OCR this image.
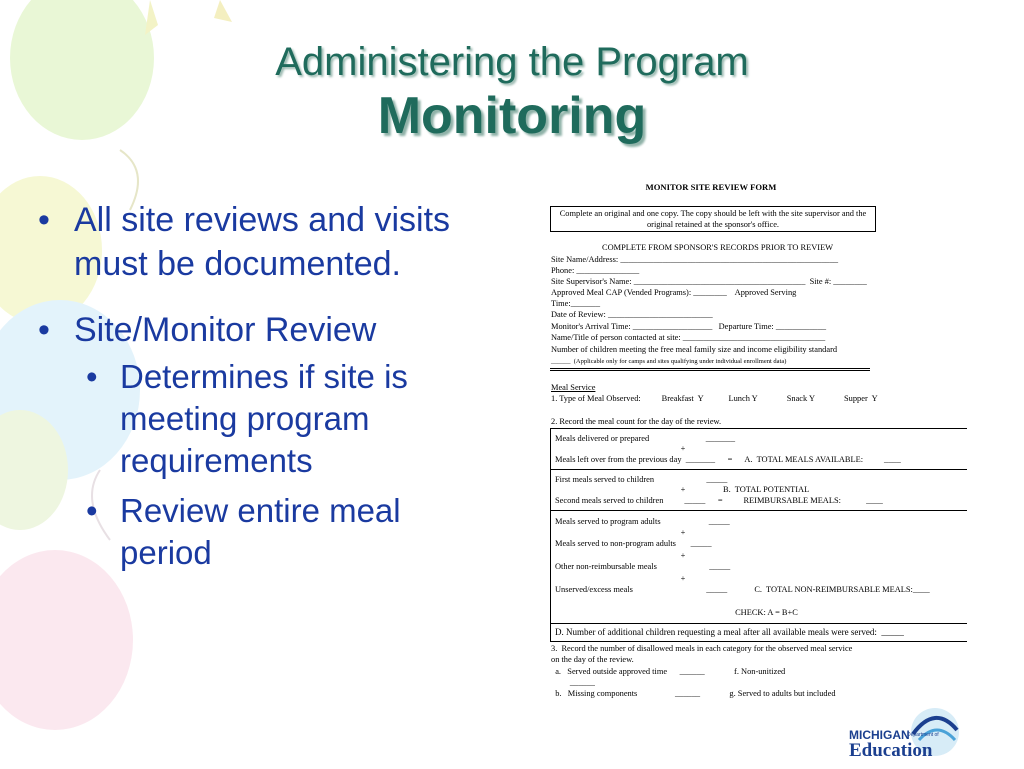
Administering the Program
Monitoring
• All site reviews and visits must be documented.
• Site/Monitor Review
• Determines if site is meeting program requirements
• Review entire meal period
MONITOR SITE REVIEW FORM
Complete an original and one copy. The copy should be left with the site supervisor and the original retained at the sponsor's office.
COMPLETE FROM SPONSOR'S RECORDS PRIOR TO REVIEW
Site Name/Address: ____________________________________________________
Phone: _______________
Site Supervisor's Name: _________________________________________  Site #: ________
Approved Meal CAP (Vended Programs): ________    Approved Serving
Time:_______
Date of Review: _________________________
Monitor's Arrival Time: ___________________   Departure Time: ____________
Name/Title of person contacted at site: __________________________________
Number of children meeting the free meal family size and income eligibility standard
______  (Applicable only for camps and sites qualifying under individual enrollment data)
Meal Service
1. Type of Meal Observed:          Breakfast  Y            Lunch Y              Snack Y              Supper  Y
2. Record the meal count for the day of the review.
Meals delivered or prepared                           _______
+
Meals left over from the previous day  _______      =      A.  TOTAL MEALS AVAILABLE:          ____
First meals served to children                         _____
+                  B.  TOTAL POTENTIAL
Second meals served to children          _____      =          REIMBURSABLE MEALS:            ____
Meals served to program adults                       _____
+
Meals served to non-program adults       _____
+
Other non-reimbursable meals                         _____
+
Unserved/excess meals                                   _____             C.  TOTAL NON-REIMBURSABLE MEALS:____
CHECK: A = B+C
D. Number of additional children requesting a meal after all available meals were served:  _____
3.  Record the number of disallowed meals in each category for the observed meal service
on the day of the review.
a.   Served outside approved time      ______              f. Non-unitized
______
b.   Missing components                  ______              g. Served to adults but included
MICHIGAN
Department of
Education
